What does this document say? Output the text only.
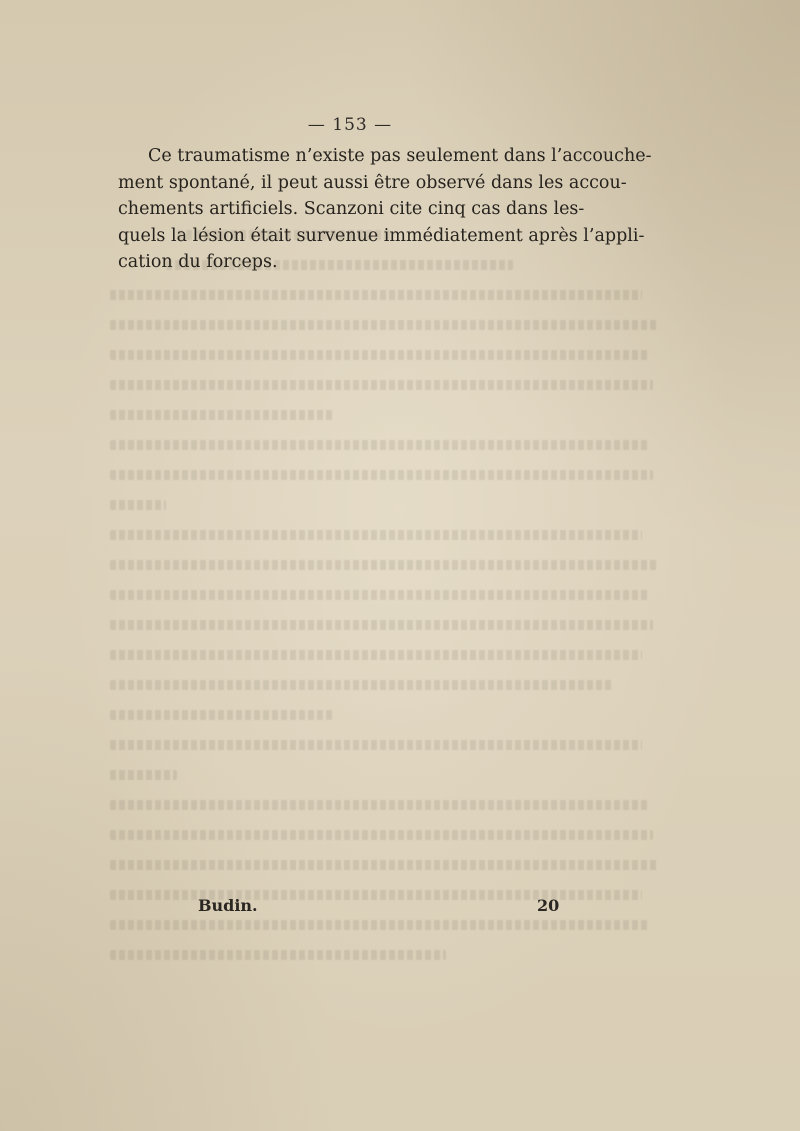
— 153 —
Ce traumatisme n’existe pas seulement dans l’accouche-
ment spontané, il peut aussi être observé dans les accou-
chements artificiels. Scanzoni cite cinq cas dans les-
quels la lésion était survenue immédiatement après l’appli-
cation du forceps.
Budin.	20
